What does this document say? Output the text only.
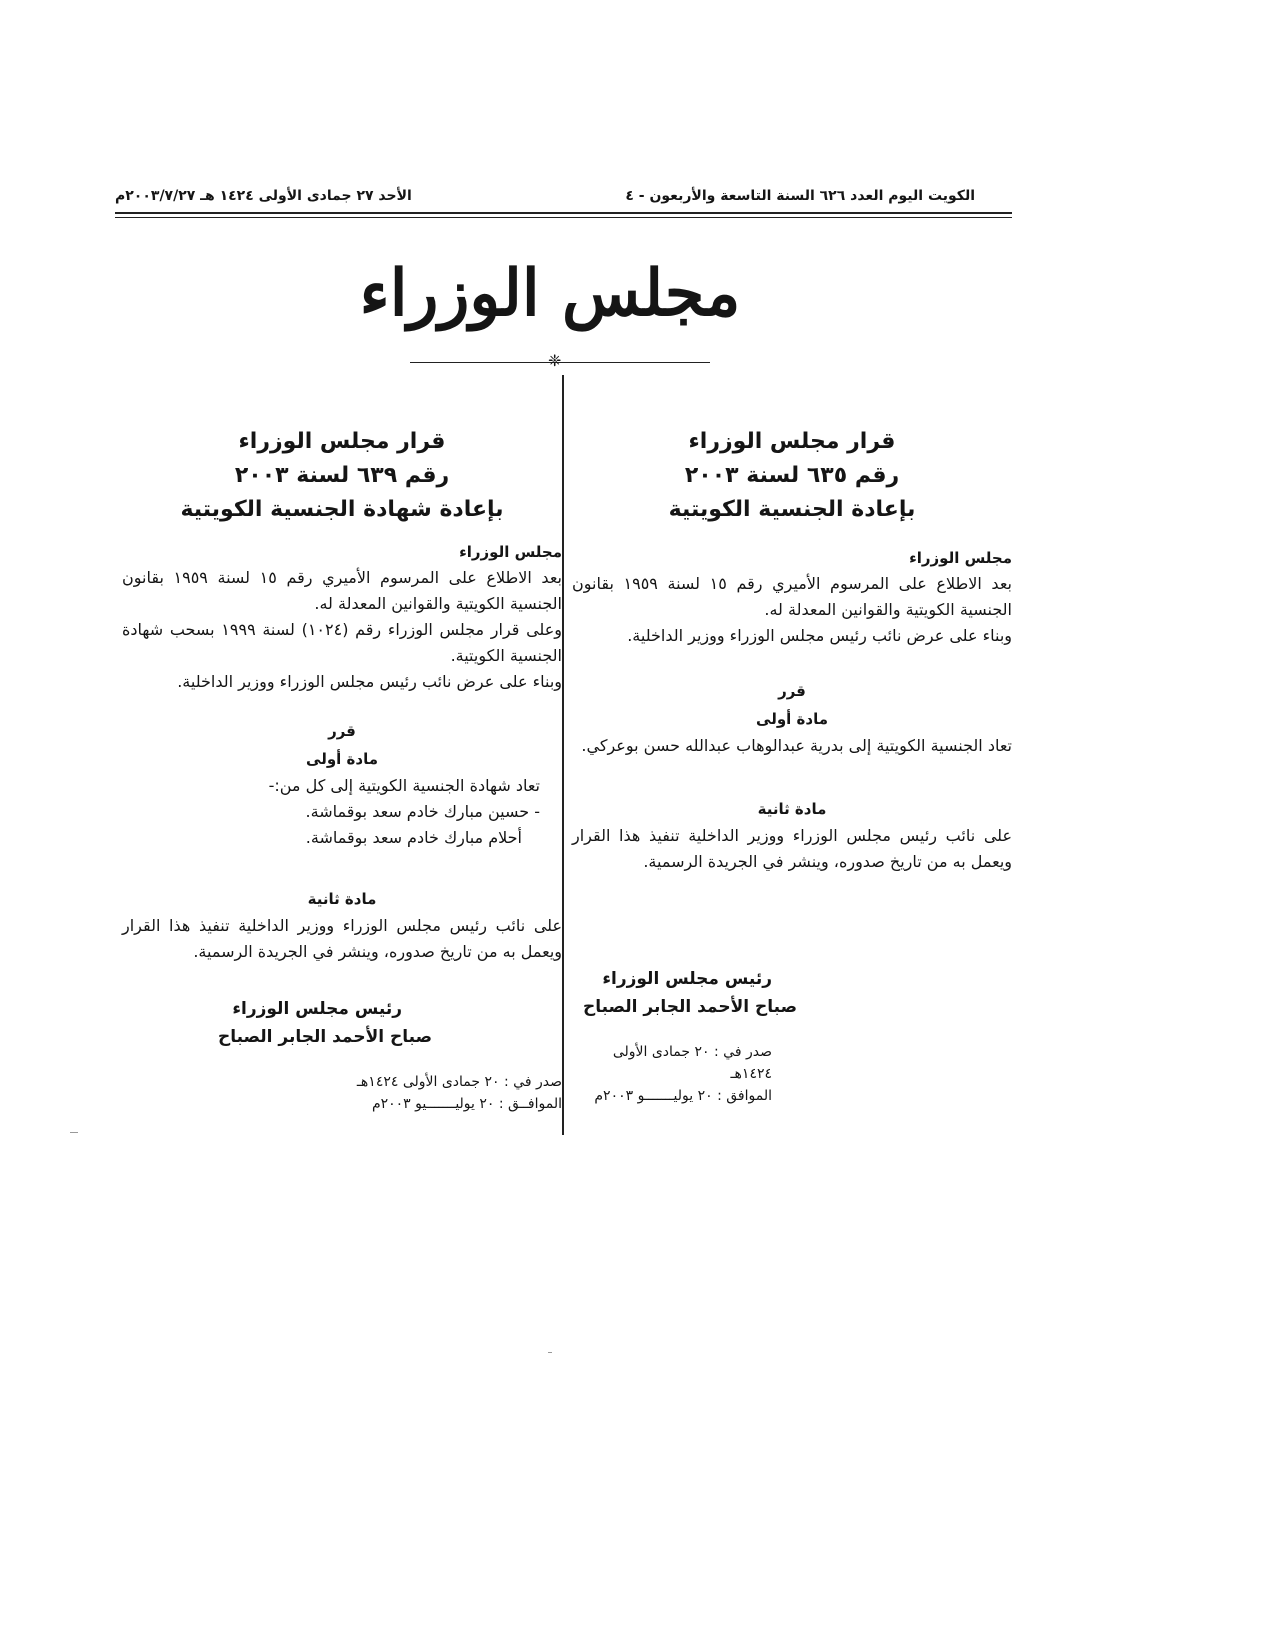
الكويت اليوم العدد ٦٢٦ السنة التاسعة والأربعون - ٤
الأحد ٢٧ جمادى الأولى ١٤٢٤ هـ ٢٠٠٣/٧/٢٧م
مجلس الوزراء
❈
قرار مجلس الوزراء
رقم ٦٣٥ لسنة ٢٠٠٣
بإعادة الجنسية الكويتية
مجلس الوزراء
بعد الاطلاع على المرسوم الأميري رقم ١٥ لسنة ١٩٥٩ بقانون الجنسية الكويتية والقوانين المعدلة له.
وبناء على عرض نائب رئيس مجلس الوزراء ووزير الداخلية.
قرر
مادة أولى
تعاد الجنسية الكويتية إلى بدرية عبدالوهاب عبدالله حسن بوعركي.
مادة ثانية
على نائب رئيس مجلس الوزراء ووزير الداخلية تنفيذ هذا القرار ويعمل به من تاريخ صدوره، وينشر في الجريدة الرسمية.
رئيس مجلس الوزراء
صباح الأحمد الجابر الصباح
صدر في : ٢٠ جمادى الأولى ١٤٢٤هـ
الموافق : ٢٠ يوليـــــــو ٢٠٠٣م
قرار مجلس الوزراء
رقم ٦٣٩ لسنة ٢٠٠٣
بإعادة شهادة الجنسية الكويتية
مجلس الوزراء
بعد الاطلاع على المرسوم الأميري رقم ١٥ لسنة ١٩٥٩ بقانون الجنسية الكويتية والقوانين المعدلة له.
وعلى قرار مجلس الوزراء رقم (١٠٢٤) لسنة ١٩٩٩ بسحب شهادة الجنسية الكويتية.
وبناء على عرض نائب رئيس مجلس الوزراء ووزير الداخلية.
قرر
مادة أولى
تعاد شهادة الجنسية الكويتية إلى كل من:-
- حسين مبارك خادم سعد بوقماشة.
أحلام مبارك خادم سعد بوقماشة.
مادة ثانية
على نائب رئيس مجلس الوزراء ووزير الداخلية تنفيذ هذا القرار ويعمل به من تاريخ صدوره، وينشر في الجريدة الرسمية.
رئيس مجلس الوزراء
صباح الأحمد الجابر الصباح
صدر في : ٢٠ جمادى الأولى ١٤٢٤هـ
الموافــق : ٢٠ يوليـــــــيو ٢٠٠٣م
